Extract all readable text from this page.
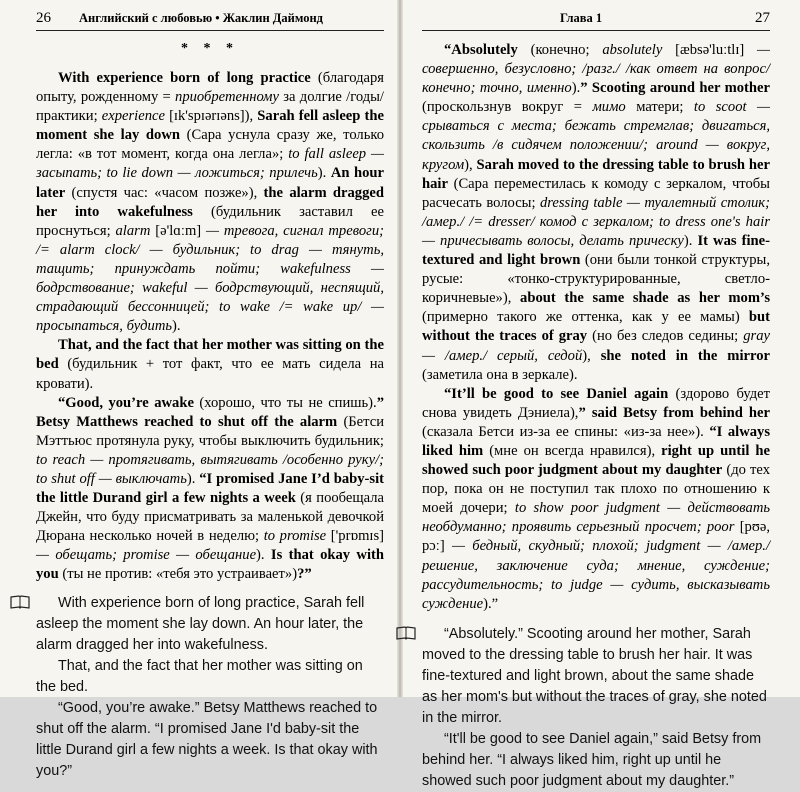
26 Английский с любовью • Жаклин Даймонд
* * *

With experience born of long practice (благодаря опыту, рожденному = приобретенному за долгие /годы/ практики; experience [ɪk'spɪərɪəns]), Sarah fell asleep the moment she lay down (Сара уснула сразу же, только легла: «в тот момент, когда она легла»; to fall asleep — засыпать; to lie down — ложиться; прилечь). An hour later (спустя час: «часом позже»), the alarm dragged her into wakefulness (будильник заставил ее проснуться; alarm [ə'lɑːm] — тревога, сигнал тревоги; /= alarm clock/ — будильник; to drag — тянуть, тащить; принуждать пойти; wakefulness — бодрствование; wakeful — бодрствующий, неспящий, страдающий бессонницей; to wake /= wake up/ — просыпаться, будить).

That, and the fact that her mother was sitting on the bed (будильник + тот факт, что ее мать сидела на кровати).

“Good, you’re awake (хорошо, что ты не спишь).” Betsy Matthews reached to shut off the alarm (Бетси Мэттьюс протянула руку, чтобы выключить будильник; to reach — протягивать, вытягивать /особенно руку/; to shut off — выключать). “I promised Jane I’d baby-sit the little Durand girl a few nights a week (я пообещала Джейн, что буду присматривать за маленькой девочкой Дюрана несколько ночей в неделю; to promise ['prɒmɪs] — обещать; promise — обещание). Is that okay with you (ты не против: «тебя это устраивает»)?”

With experience born of long practice, Sarah fell asleep the moment she lay down. An hour later, the alarm dragged her into wakefulness.

That, and the fact that her mother was sitting on the bed.

“Good, you’re awake.” Betsy Matthews reached to shut off the alarm. “I promised Jane I'd baby-sit the little Durand girl a few nights a week. Is that okay with you?”

Глава 1	27

“Absolutely (конечно; absolutely [æbsə'luːtlɪ] — совершенно, безусловно; /разг./ /как ответ на вопрос/ конечно; точно, именно).” Scooting around her mother (проскользнув вокруг = мимо матери; to scoot — срываться с места; бежать стремглав; двигаться, скользить /в сидячем положении/; around — вокруг, кругом), Sarah moved to the dressing table to brush her hair (Сара переместилась к комоду с зеркалом, чтобы расчесать волосы; dressing table — туалетный столик; /амер./ /= dresser/ комод с зеркалом; to dress one's hair — причесывать волосы, делать прическу). It was fine-textured and light brown (они были тонкой структуры, русые: «тонко-структурированные, светло-коричневые»), about the same shade as her mom’s (примерно такого же оттенка, как у ее мамы) but without the traces of gray (но без следов седины; gray — /амер./ серый, седой), she noted in the mirror (заметила она в зеркале).

“It’ll be good to see Daniel again (здорово будет снова увидеть Дэниела),” said Betsy from behind her (сказала Бетси из-за ее спины: «из-за нее»). “I always liked him (мне он всегда нравился), right up until he showed such poor judgment about my daughter (до тех пор, пока он не поступил так плохо по отношению к моей дочери; to show poor judgment — действовать необдуманно; проявить серьезный просчет; poor [pʊə, pɔː] — бедный, скудный; плохой; judgment — /амер./ решение, заключение суда; мнение, суждение; рассудительность; to judge — судить, высказывать суждение).”

“Absolutely.” Scooting around her mother, Sarah moved to the dressing table to brush her hair. It was fine-textured and light brown, about the same shade as her mom's but without the traces of gray, she noted in the mirror.

“It'll be good to see Daniel again,” said Betsy from behind her. “I always liked him, right up until he showed such poor judgment about my daughter.”
